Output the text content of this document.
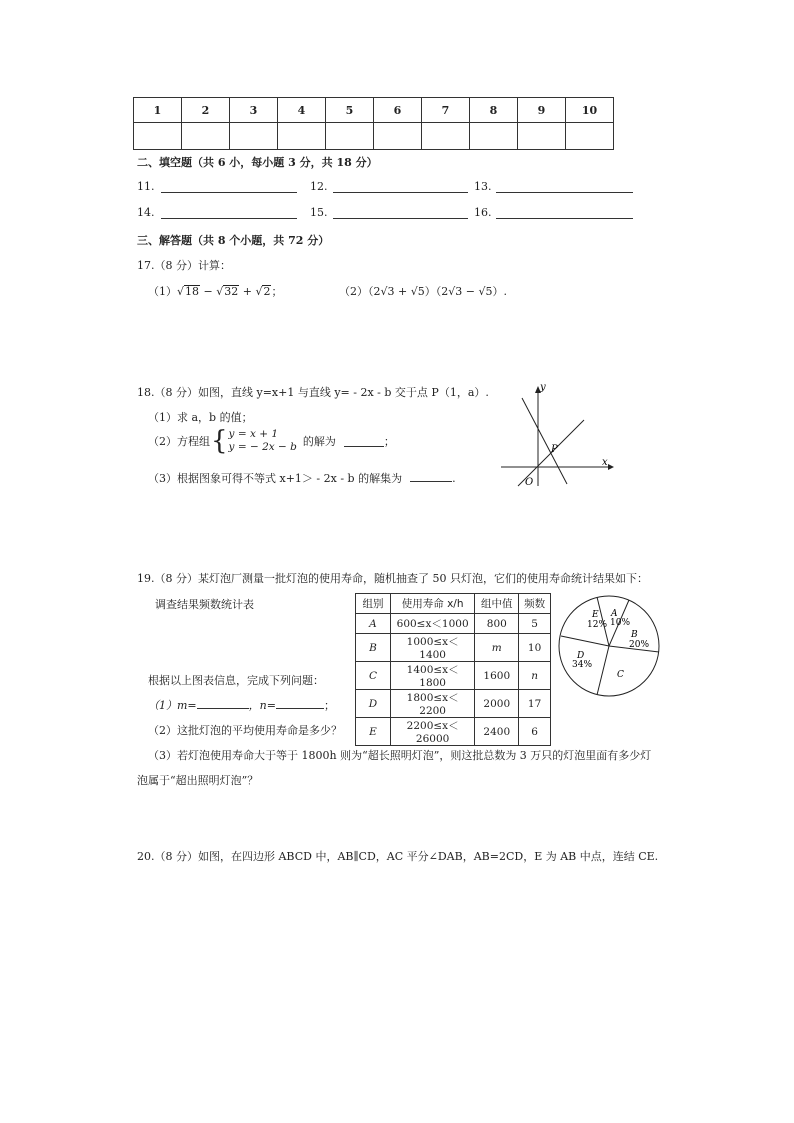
1	2	3	4	5	6	7	8	9	10

二、填空题（共 6 小，每小题 3 分，共 18 分）
11.	12.	13.
14.	15.	16.
三、解答题（共 8 个小题，共 72 分）
17.（8 分）计算：
（1）√18 − √32 + √2；	（2）（2√3 + √5）（2√3 − √5）.
18.（8 分）如图，直线 y=x+1 与直线 y= - 2x - b 交于点 P（1，a）.
（1）求 a，b 的值；
（2）方程组 { y = x + 1
y = − 2x − b 的解为	；
（3）根据图象可得不等式 x+1＞ - 2x - b 的解集为	.
y
x
O
P
19.（8 分）某灯泡厂测量一批灯泡的使用寿命，随机抽查了 50 只灯泡，它们的使用寿命统计结果如下：
调查结果频数统计表	组别	使用寿命 x/h	组中值	频数
A	600≤x＜1000	800	5
B	1000≤x＜1400	m	10
C	1400≤x＜1800	1600	n
D	1800≤x＜2200	2000	17
E	2200≤x＜26000	2400	6
A
10%
B
20%
C
D
34%
E
12%
根据以上图表信息，完成下列问题：
（1）m=	，n=	；
（2）这批灯泡的平均使用寿命是多少？
（3）若灯泡使用寿命大于等于 1800h 则为“超长照明灯泡”，则这批总数为 3 万只的灯泡里面有多少灯
泡属于“超出照明灯泡”？
20.（8 分）如图，在四边形 ABCD 中，AB∥CD，AC 平分∠DAB，AB=2CD，E 为 AB 中点，连结 CE.
